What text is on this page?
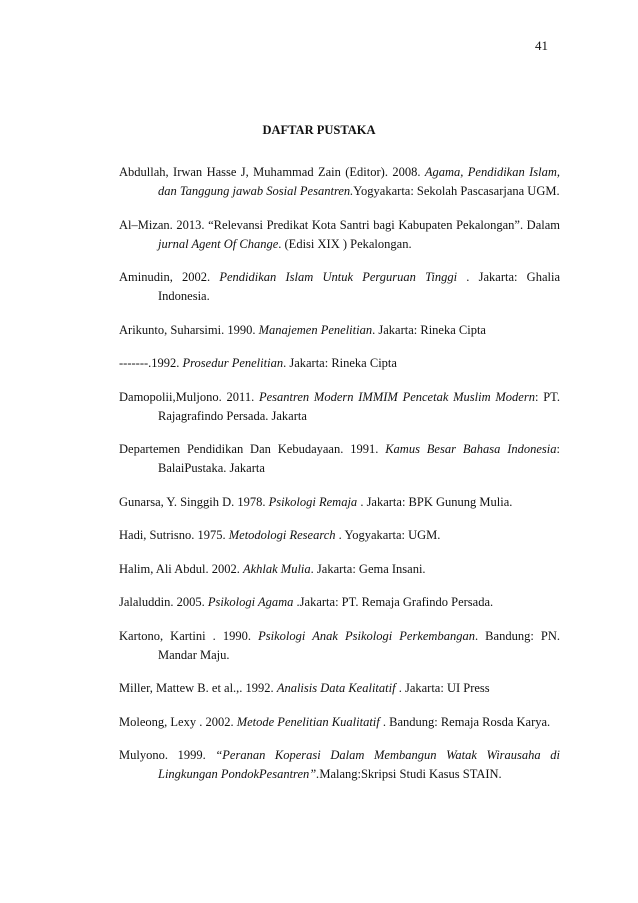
41
DAFTAR PUSTAKA
Abdullah, Irwan Hasse J, Muhammad Zain (Editor). 2008. Agama, Pendidikan Islam, dan Tanggung jawab Sosial Pesantren.Yogyakarta: Sekolah Pascasarjana UGM.
Al–Mizan. 2013. “Relevansi Predikat Kota Santri bagi Kabupaten Pekalongan”. Dalam jurnal Agent Of Change. (Edisi XIX ) Pekalongan.
Aminudin, 2002. Pendidikan Islam Untuk Perguruan Tinggi . Jakarta: Ghalia Indonesia.
Arikunto, Suharsimi. 1990. Manajemen Penelitian. Jakarta: Rineka Cipta
-------.1992. Prosedur Penelitian. Jakarta: Rineka Cipta
Damopolii,Muljono. 2011. Pesantren Modern IMMIM Pencetak Muslim Modern: PT. Rajagrafindo Persada. Jakarta
Departemen Pendidikan Dan Kebudayaan. 1991. Kamus Besar Bahasa Indonesia: BalaiPustaka. Jakarta
Gunarsa, Y. Singgih D. 1978. Psikologi Remaja . Jakarta: BPK Gunung Mulia.
Hadi, Sutrisno. 1975. Metodologi Research . Yogyakarta: UGM.
Halim, Ali Abdul. 2002. Akhlak Mulia. Jakarta: Gema Insani.
Jalaluddin. 2005. Psikologi Agama .Jakarta: PT. Remaja Grafindo Persada.
Kartono, Kartini . 1990. Psikologi Anak Psikologi Perkembangan. Bandung: PN. Mandar Maju.
Miller, Mattew B. et al.,. 1992. Analisis Data Kealitatif . Jakarta: UI Press
Moleong, Lexy . 2002. Metode Penelitian Kualitatif . Bandung: Remaja Rosda Karya.
Mulyono. 1999. “Peranan Koperasi Dalam Membangun Watak Wirausaha di Lingkungan PondokPesantren”.Malang:Skripsi Studi Kasus STAIN.
